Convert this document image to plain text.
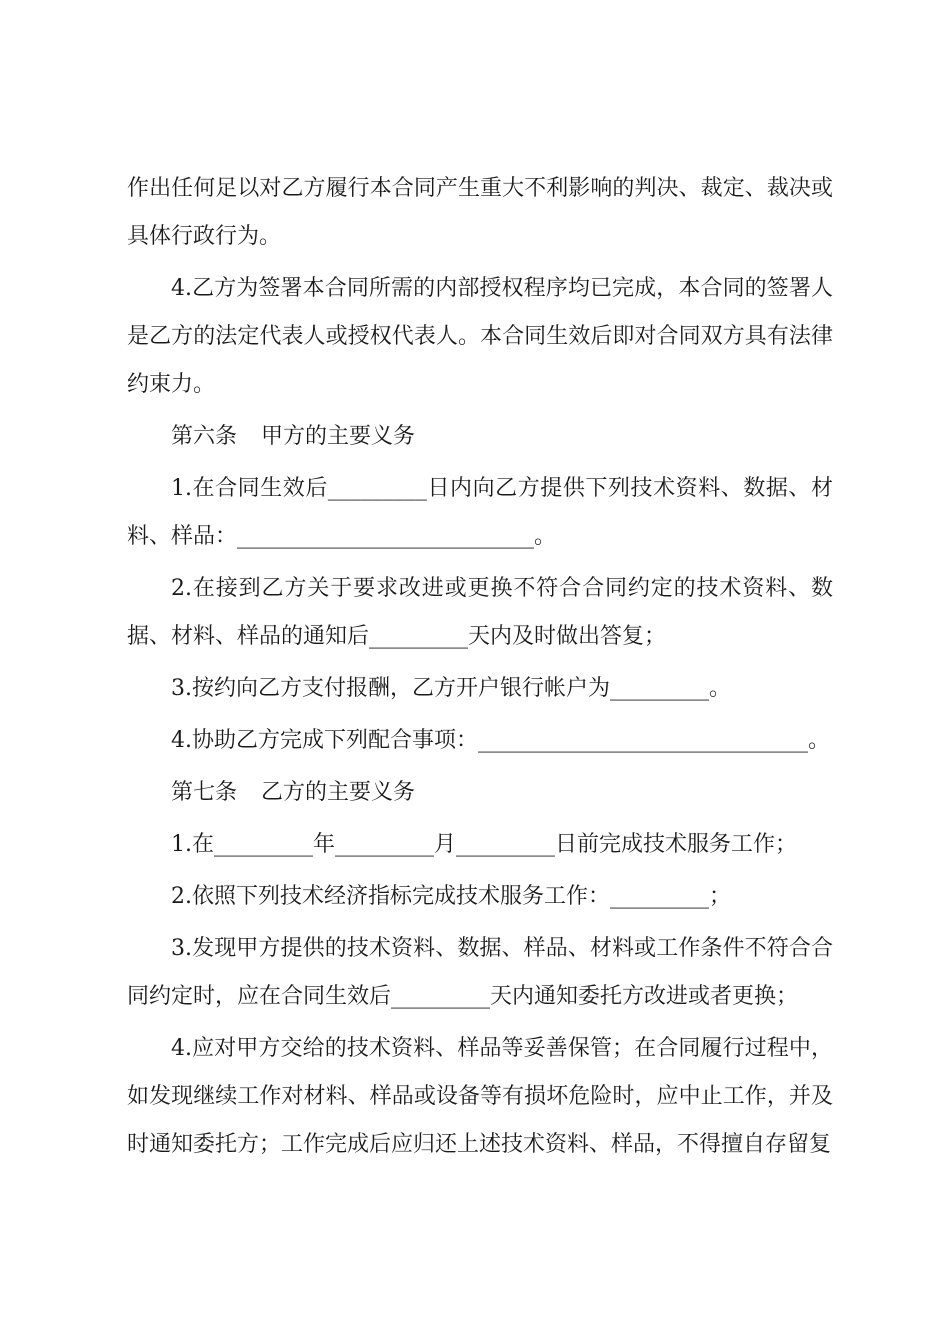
作出任何足以对乙方履行本合同产生重大不利影响的判决、裁定、裁决或具体行政行为。

4.乙方为签署本合同所需的内部授权程序均已完成，本合同的签署人是乙方的法定代表人或授权代表人。本合同生效后即对合同双方具有法律约束力。

第六条 甲方的主要义务

1.在合同生效后_________日内向乙方提供下列技术资料、数据、材料、样品：___________________________。

2.在接到乙方关于要求改进或更换不符合合同约定的技术资料、数据、材料、样品的通知后_________天内及时做出答复；

3.按约向乙方支付报酬，乙方开户银行帐户为_________。

4.协助乙方完成下列配合事项：______________________________。

第七条 乙方的主要义务

1.在_________年_________月_________日前完成技术服务工作；

2.依照下列技术经济指标完成技术服务工作：_________；

3.发现甲方提供的技术资料、数据、样品、材料或工作条件不符合合同约定时，应在合同生效后_________天内通知委托方改进或者更换；

4.应对甲方交给的技术资料、样品等妥善保管；在合同履行过程中，如发现继续工作对材料、样品或设备等有损坏危险时，应中止工作，并及时通知委托方；工作完成后应归还上述技术资料、样品，不得擅自存留复
